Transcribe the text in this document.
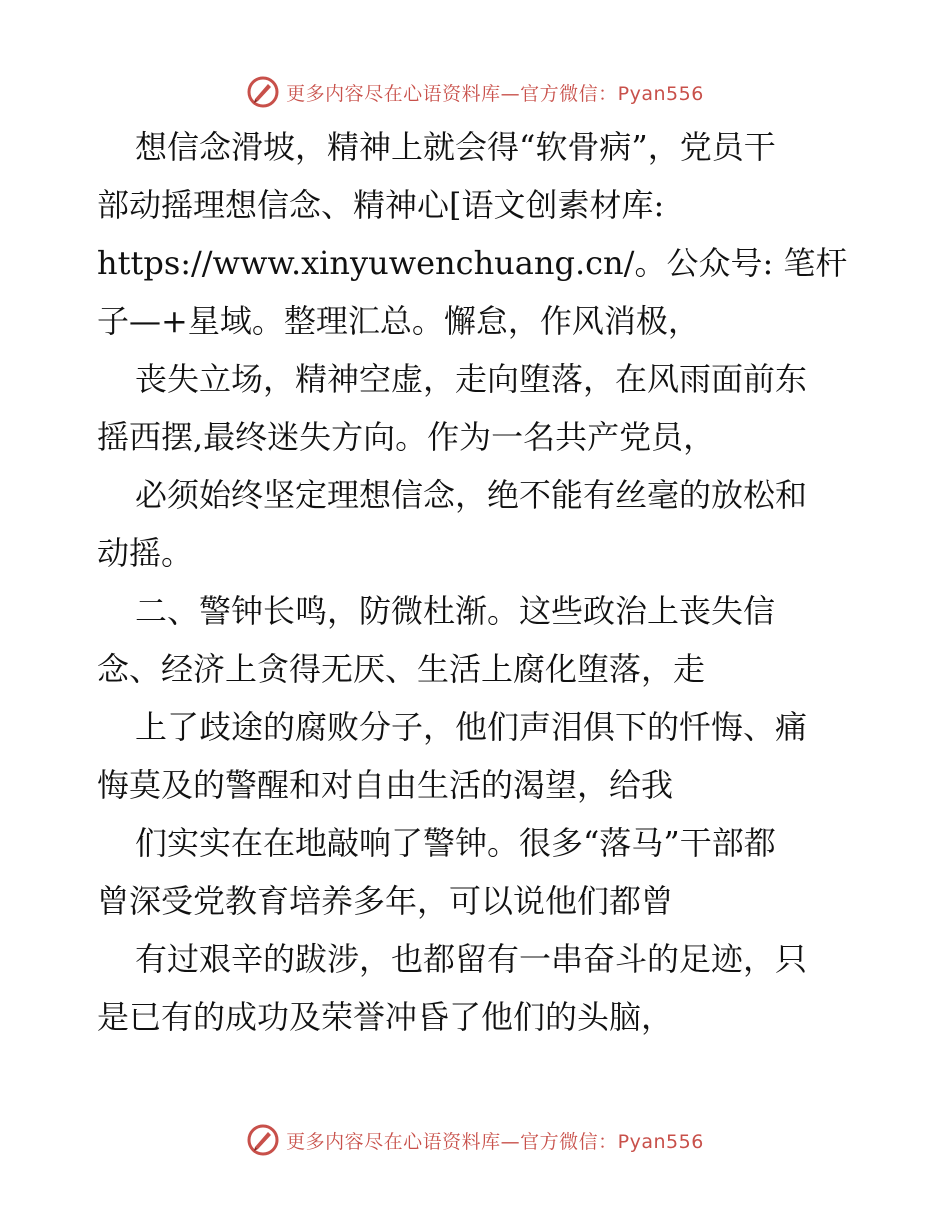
更多内容尽在心语资料库—官方微信：Pyan556
想信念滑坡，精神上就会得“软骨病”，党员干
部动摇理想信念、精神心[语文创素材库:
https://www.xinyuwenchuang.cn/。公众号: 笔杆
子—+星域。整理汇总。懈怠，作风消极，
丧失立场，精神空虚，走向堕落，在风雨面前东
摇西摆,最终迷失方向。作为一名共产党员，
必须始终坚定理想信念，绝不能有丝毫的放松和
动摇。
二、警钟长鸣，防微杜渐。这些政治上丧失信
念、经济上贪得无厌、生活上腐化堕落，走
上了歧途的腐败分子，他们声泪俱下的忏悔、痛
悔莫及的警醒和对自由生活的渴望，给我
们实实在在地敲响了警钟。很多“落马”干部都
曾深受党教育培养多年，可以说他们都曾
有过艰辛的跋涉，也都留有一串奋斗的足迹，只
是已有的成功及荣誉冲昏了他们的头脑，
更多内容尽在心语资料库—官方微信：Pyan556
